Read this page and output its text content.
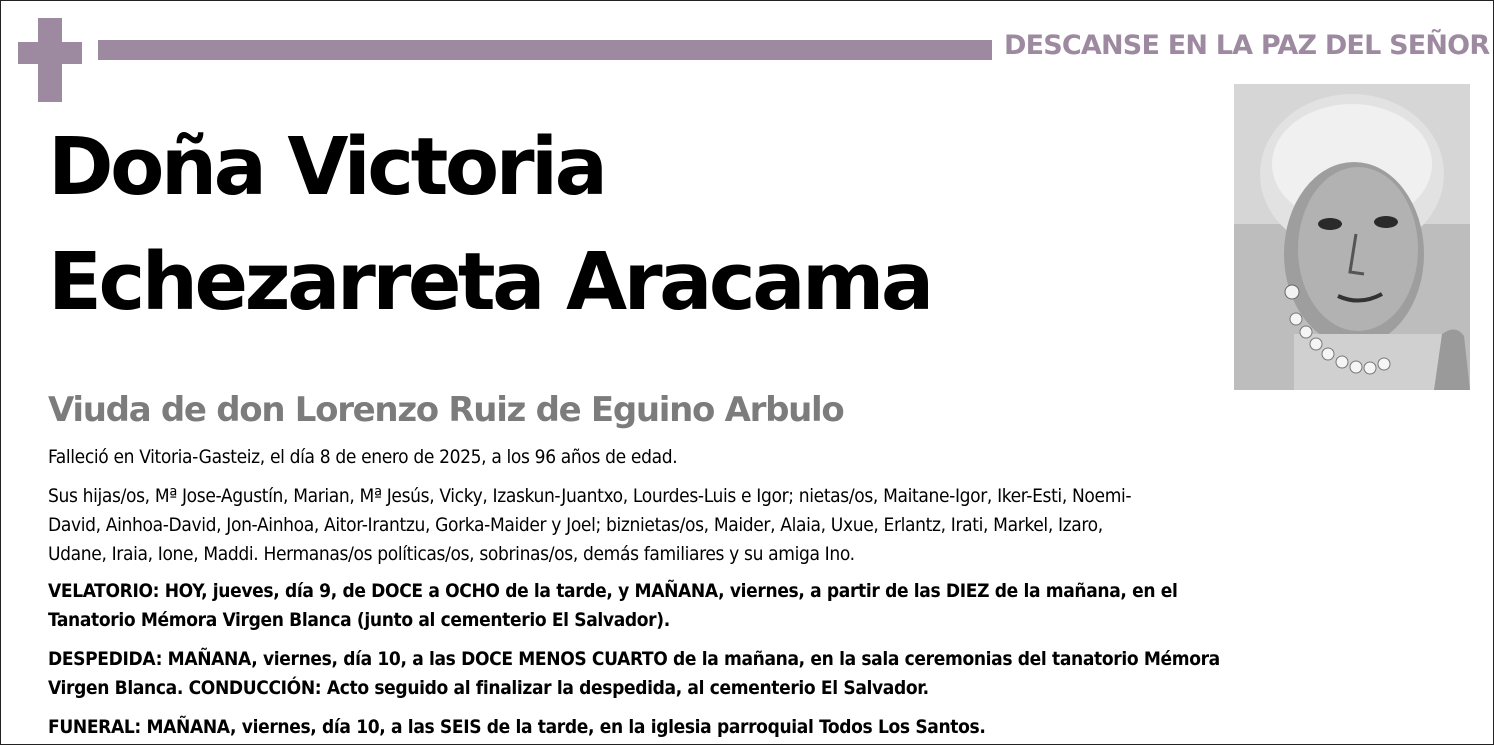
DESCANSE EN LA PAZ DEL SEÑOR
Doña Victoria
Echezarreta Aracama
Viuda de don Lorenzo Ruiz de Eguino Arbulo
Falleció en Vitoria-Gasteiz, el día 8 de enero de 2025, a los 96 años de edad.
Sus hijas/os, Mª Jose-Agustín, Marian, Mª Jesús, Vicky, Izaskun-Juantxo, Lourdes-Luis e Igor; nietas/os, Maitane-Igor, Iker-Esti, Noemi-
David, Ainhoa-David, Jon-Ainhoa, Aitor-Irantzu, Gorka-Maider y Joel; biznietas/os, Maider, Alaia, Uxue, Erlantz, Irati, Markel, Izaro,
Udane, Iraia, Ione, Maddi. Hermanas/os políticas/os, sobrinas/os, demás familiares y su amiga Ino.
VELATORIO: HOY, jueves, día 9, de DOCE a OCHO de la tarde, y MAÑANA, viernes, a partir de las DIEZ de la mañana, en el
Tanatorio Mémora Virgen Blanca (junto al cementerio El Salvador).
DESPEDIDA: MAÑANA, viernes, día 10, a las DOCE MENOS CUARTO de la mañana, en la sala ceremonias del tanatorio Mémora
Virgen Blanca. CONDUCCIÓN: Acto seguido al finalizar la despedida, al cementerio El Salvador.
FUNERAL: MAÑANA, viernes, día 10, a las SEIS de la tarde, en la iglesia parroquial Todos Los Santos.
